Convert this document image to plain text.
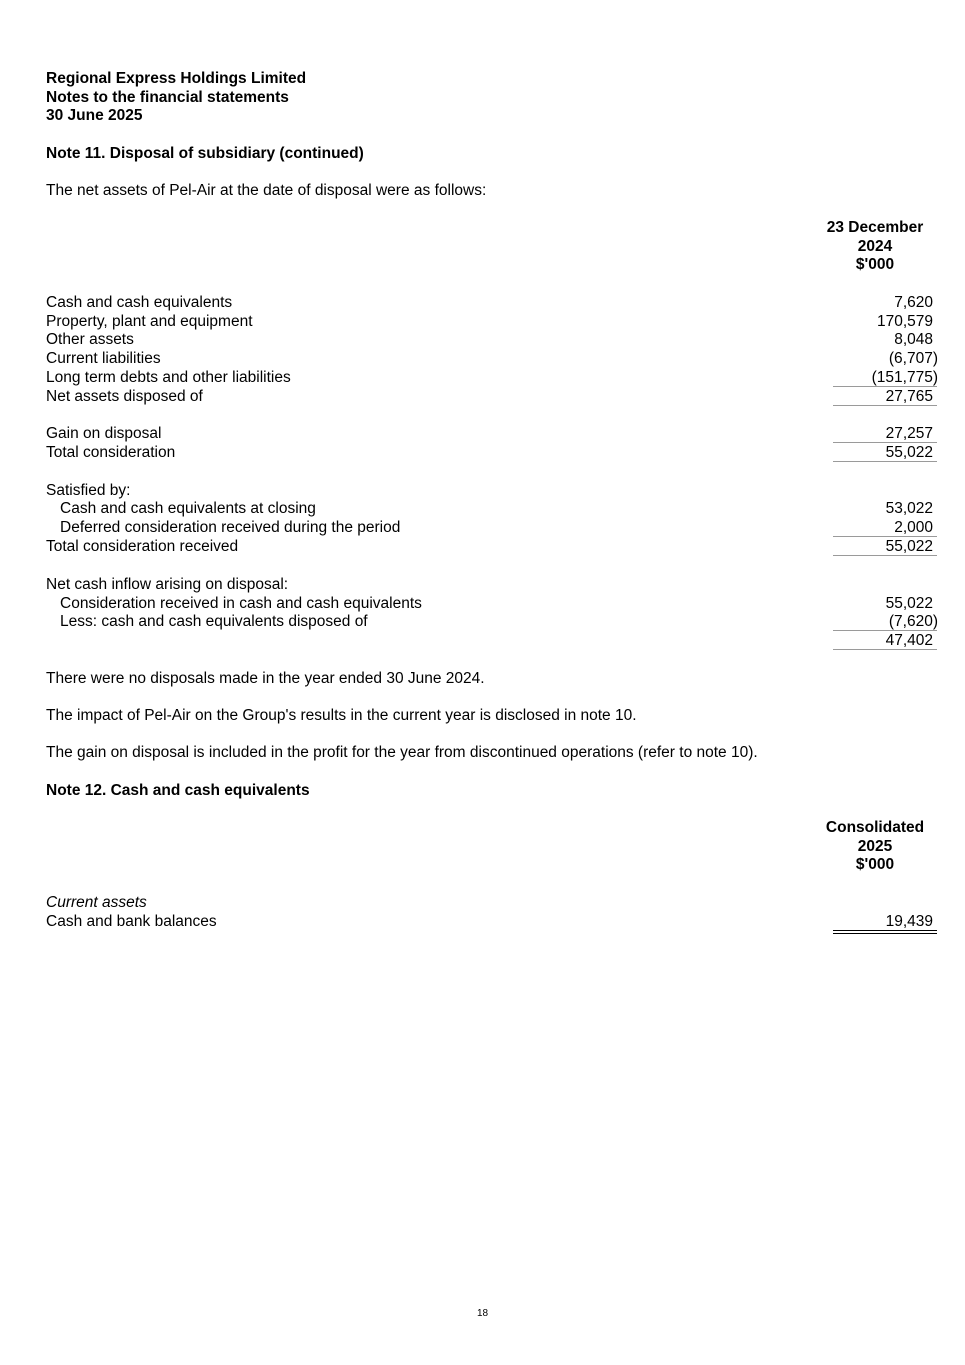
Regional Express Holdings Limited
Notes to the financial statements
30 June 2025
Note 11. Disposal of subsidiary (continued)
The net assets of Pel-Air at the date of disposal were as follows:
23 December
2024
$'000
Cash and cash equivalents	7,620
Property, plant and equipment	170,579
Other assets	8,048
Current liabilities	(6,707)
Long term debts and other liabilities	(151,775)
Net assets disposed of	27,765
Gain on disposal	27,257
Total consideration	55,022
Satisfied by:
Cash and cash equivalents at closing	53,022
Deferred consideration received during the period	2,000
Total consideration received	55,022
Net cash inflow arising on disposal:
Consideration received in cash and cash equivalents	55,022
Less: cash and cash equivalents disposed of	(7,620)
47,402
There were no disposals made in the year ended 30 June 2024.
The impact of Pel-Air on the Group's results in the current year is disclosed in note 10.
The gain on disposal is included in the profit for the year from discontinued operations (refer to note 10).
Note 12. Cash and cash equivalents
Consolidated
2025
$'000
Current assets
Cash and bank balances	19,439
18
